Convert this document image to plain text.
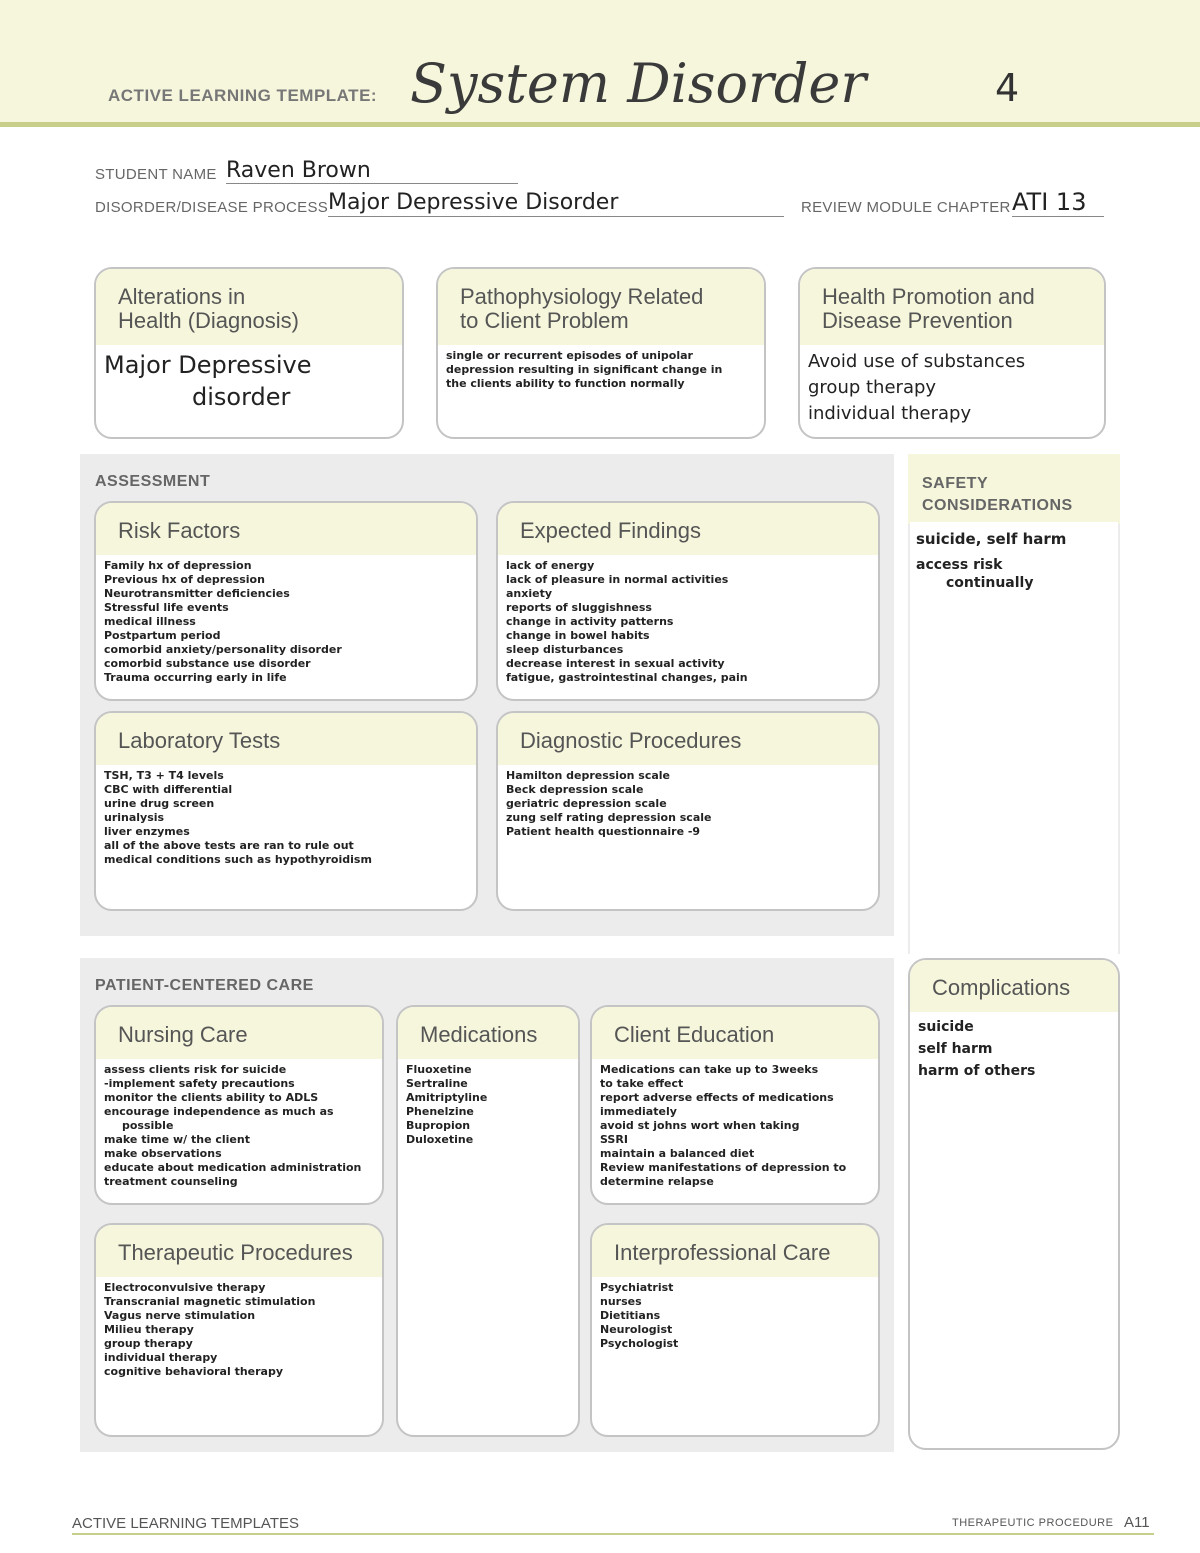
ACTIVE LEARNING TEMPLATE: System Disorder	4
STUDENT NAME Raven Brown
DISORDER/DISEASE PROCESS Major Depressive Disorder	REVIEW MODULE CHAPTER ATI 13
Alterations in
Health (Diagnosis)
Major Depressive
disorder
Pathophysiology Related
to Client Problem
single or recurrent episodes of unipolar
depression resulting in significant change in
the clients ability to function normally
Health Promotion and
Disease Prevention
Avoid use of substances
group therapy
individual therapy
ASSESSMENT
Risk Factors
Family hx of depression
Previous hx of depression
Neurotransmitter deficiencies
Stressful life events
medical illness
Postpartum period
comorbid anxiety/personality disorder
comorbid substance use disorder
Trauma occurring early in life
Expected Findings
lack of energy
lack of pleasure in normal activities
anxiety
reports of sluggishness
change in activity patterns
change in bowel habits
sleep disturbances
decrease interest in sexual activity
fatigue, gastrointestinal changes, pain
Laboratory Tests
TSH, T3 + T4 levels
CBC with differential
urine drug screen
urinalysis
liver enzymes
all of the above tests are ran to rule out
medical conditions such as hypothyroidism
Diagnostic Procedures
Hamilton depression scale
Beck depression scale
geriatric depression scale
zung self rating depression scale
Patient health questionnaire -9
SAFETY
CONSIDERATIONS
suicide, self harm
access risk
continually
PATIENT-CENTERED CARE
Nursing Care
assess clients risk for suicide
-implement safety precautions
monitor the clients ability to ADLS
encourage independence as much as
possible
make time w/ the client
make observations
educate about medication administration
treatment counseling
Medications
Fluoxetine
Sertraline
Amitriptyline
Phenelzine
Bupropion
Duloxetine
Client Education
Medications can take up to 3weeks
to take effect
report adverse effects of medications
immediately
avoid st johns wort when taking
SSRI
maintain a balanced diet
Review manifestations of depression to
determine relapse
Therapeutic Procedures
Electroconvulsive therapy
Transcranial magnetic stimulation
Vagus nerve stimulation
Milieu therapy
group therapy
individual therapy
cognitive behavioral therapy
Interprofessional Care
Psychiatrist
nurses
Dietitians
Neurologist
Psychologist
Complications
suicide
self harm
harm of others
ACTIVE LEARNING TEMPLATES	THERAPEUTIC PROCEDURE A11
